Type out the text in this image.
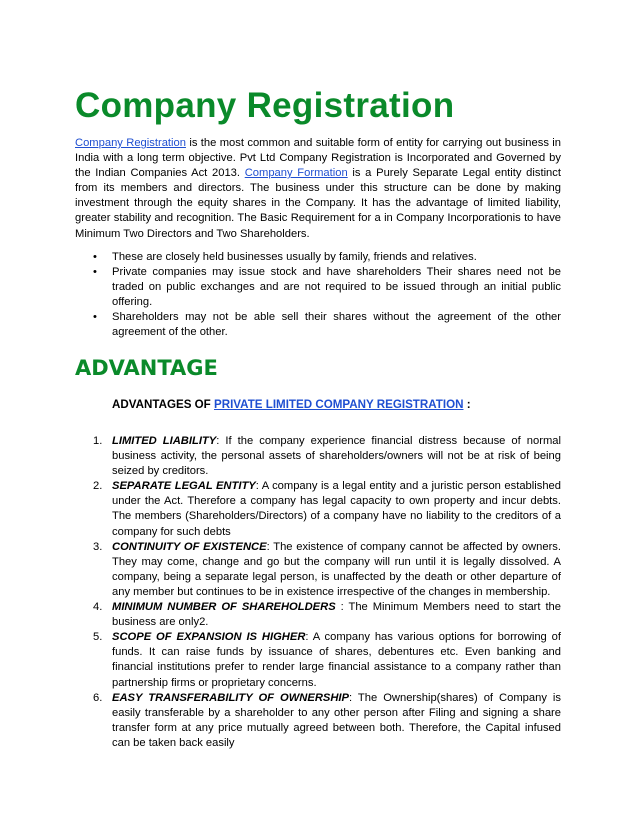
Company Registration

Company Registration is the most common and suitable form of entity for carrying out business in India with a long term objective. Pvt Ltd Company Registration is Incorporated and Governed by the Indian Companies Act 2013. Company Formation is a Purely Separate Legal entity distinct from its members and directors. The business under this structure can be done by making investment through the equity shares in the Company. It has the advantage of limited liability, greater stability and recognition. The Basic Requirement for a in Company Incorporationis to have Minimum Two Directors and Two Shareholders.

• These are closely held businesses usually by family, friends and relatives.
• Private companies may issue stock and have shareholders Their shares need not be traded on public exchanges and are not required to be issued through an initial public offering.
• Shareholders may not be able sell their shares without the agreement of the other agreement of the other.
ADVANTAGE

ADVANTAGES OF PRIVATE LIMITED COMPANY REGISTRATION :

1. LIMITED LIABILITY: If the company experience financial distress because of normal business activity, the personal assets of shareholders/owners will not be at risk of being seized by creditors.
2. SEPARATE LEGAL ENTITY: A company is a legal entity and a juristic person established under the Act. Therefore a company has legal capacity to own property and incur debts. The members (Shareholders/Directors) of a company have no liability to the creditors of a company for such debts
3. CONTINUITY OF EXISTENCE: The existence of company cannot be affected by owners. They may come, change and go but the company will run until it is legally dissolved. A company, being a separate legal person, is unaffected by the death or other departure of any member but continues to be in existence irrespective of the changes in membership.
4. MINIMUM NUMBER OF SHAREHOLDERS : The Minimum Members need to start the business are only2.
5. SCOPE OF EXPANSION IS HIGHER: A company has various options for borrowing of funds. It can raise funds by issuance of shares, debentures etc. Even banking and financial institutions prefer to render large financial assistance to a company rather than partnership firms or proprietary concerns.
6. EASY TRANSFERABILITY OF OWNERSHIP: The Ownership(shares) of Company is easily transferable by a shareholder to any other person after Filing and signing a share transfer form at any price mutually agreed between both. Therefore, the Capital infused can be taken back easily
